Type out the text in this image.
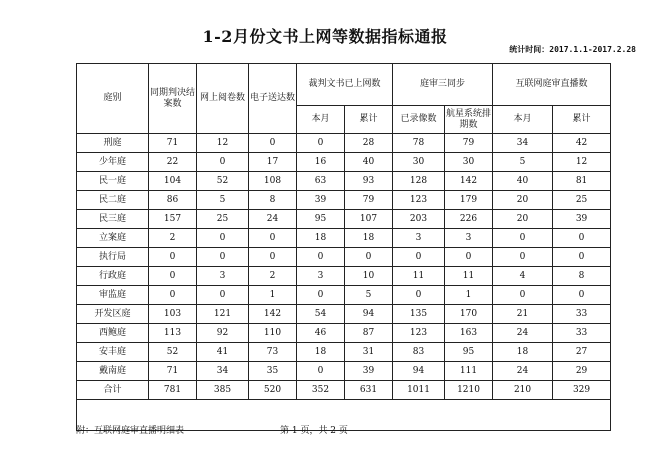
1-2月份文书上网等数据指标通报
统计时间：2017.1.1-2017.2.28
庭别	同期判决结案数	网上阅卷数	电子送达数	裁判文书已上网数		庭审三同步		互联网庭审直播数	
				本月	累计	已录像数	航星系统排期数	本月	累计
刑庭	71	12	0	0	28	78	79	34	42
少年庭	22	0	17	16	40	30	30	5	12
民一庭	104	52	108	63	93	128	142	40	81
民二庭	86	5	8	39	79	123	179	20	25
民三庭	157	25	24	95	107	203	226	20	39
立案庭	2	0	0	18	18	3	3	0	0
执行局	0	0	0	0	0	0	0	0	0
行政庭	0	3	2	3	10	11	11	4	8
审监庭	0	0	1	0	5	0	1	0	0
开发区庭	103	121	142	54	94	135	170	21	33
西鲍庭	113	92	110	46	87	123	163	24	33
安丰庭	52	41	73	18	31	83	95	18	27
戴南庭	71	34	35	0	39	94	111	24	29
合计	781	385	520	352	631	1011	1210	210	329

附：互联网庭审直播明细表	第 1 页，共 2 页
